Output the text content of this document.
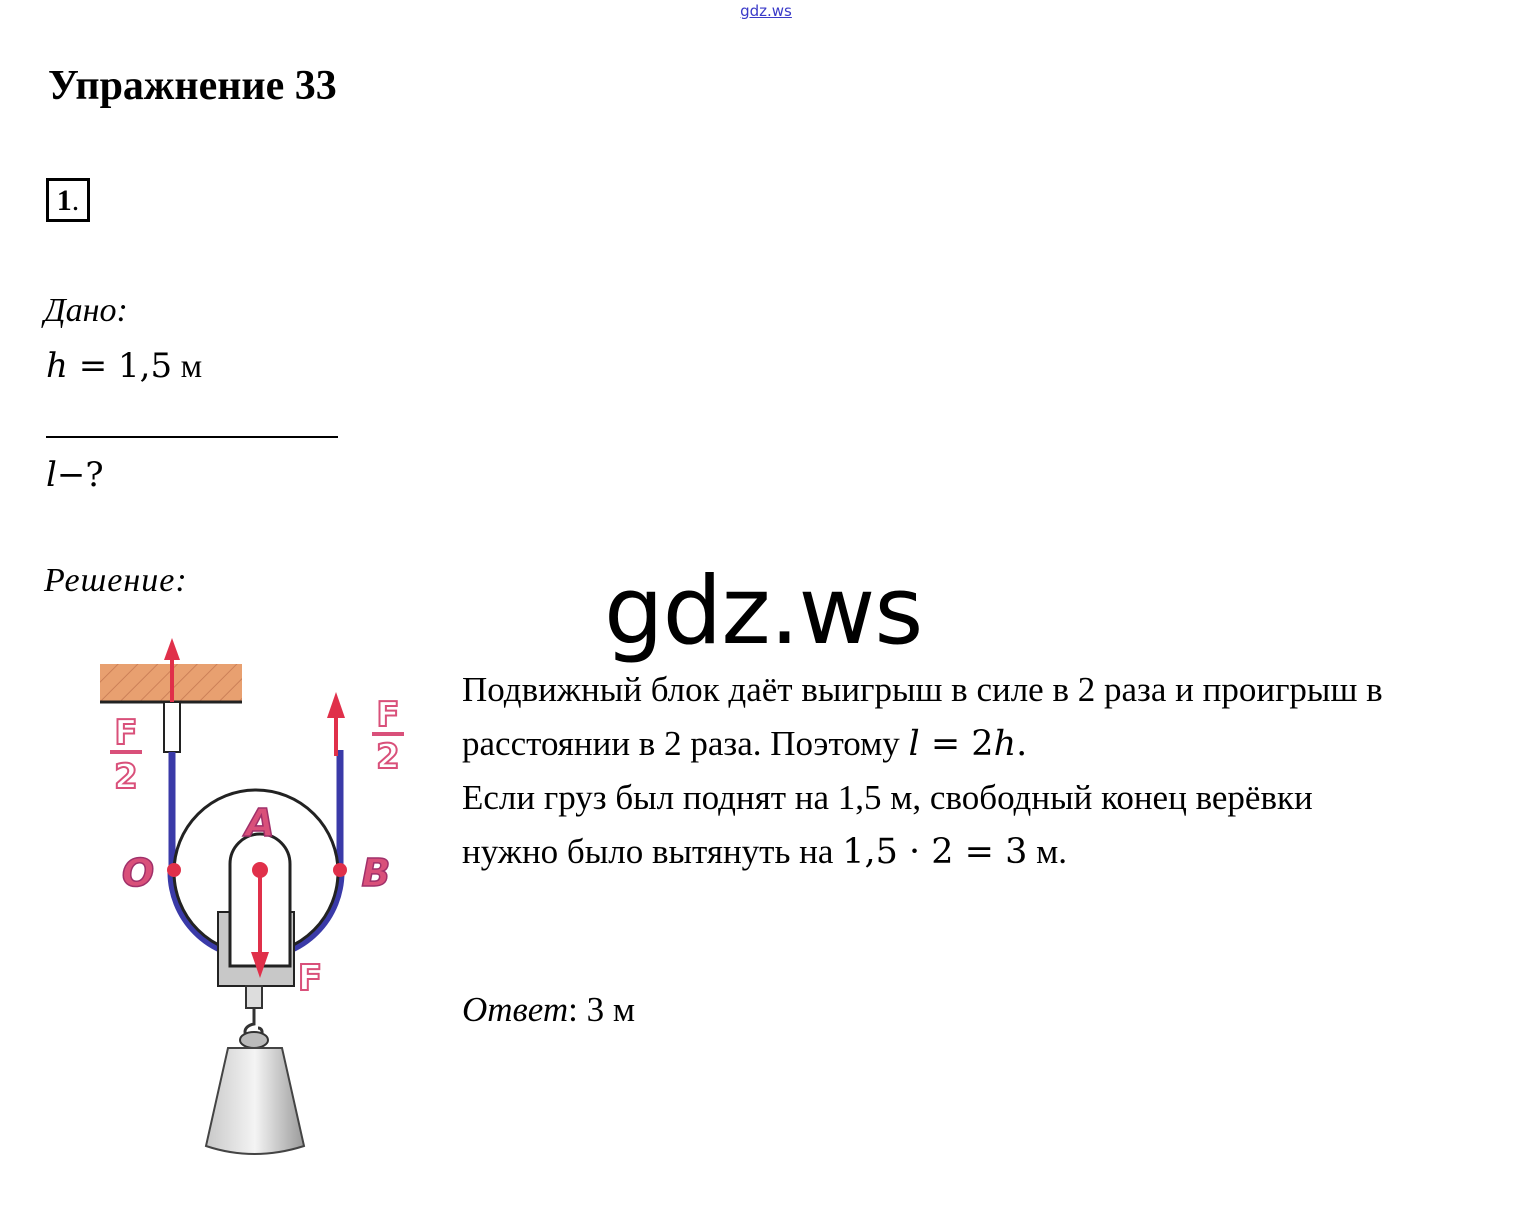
gdz.ws
Упражнение 33
1.
Дано:
h = 1,5 м
l−?
Решение:
F
2
F
2
A
O	B
F
gdz.ws
Подвижный блок даёт выигрыш в силе в 2 раза и проигрыш в
расстоянии в 2 раза. Поэтому l = 2h.
Если груз был поднят на 1,5 м, свободный конец верёвки
нужно было вытянуть на 1,5 · 2 = 3 м.
Ответ: 3 м
